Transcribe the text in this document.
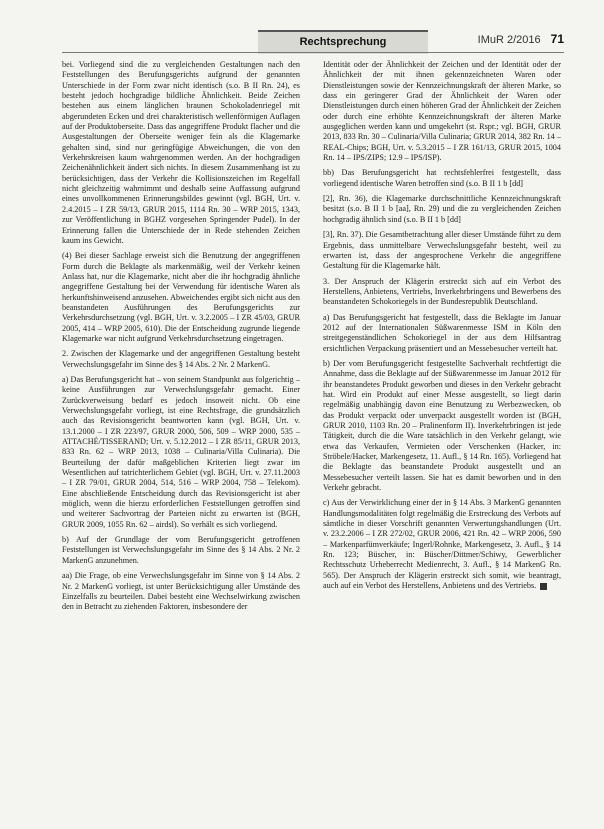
Rechtsprechung	IMuR 2/2016 71

bei. Vorliegend sind die zu vergleichenden Gestaltungen nach den Feststellungen des Berufungsgerichts aufgrund der genannten Unterschiede in der Form zwar nicht identisch (s.o. B II Rn. 24), es besteht jedoch hochgradige bildliche Ähnlichkeit. Beide Zeichen bestehen aus einem länglichen braunen Schokoladenriegel mit abgerundeten Ecken und drei charakteristisch wellenförmigen Auflagen auf der Produktoberseite. Dass das angegriffene Produkt flacher und die Ausgestaltungen der Oberseite weniger fein als die Klagemarke gehalten sind, sind nur geringfügige Abweichungen, die von den Verkehrskreisen kaum wahrgenommen werden. An der hochgradigen Zeichenähnlichkeit ändert sich nichts. In diesem Zusammenhang ist zu berücksichtigen, dass der Verkehr die Kollisionszeichen im Regelfall nicht gleichzeitig wahrnimmt und deshalb seine Auffassung aufgrund eines unvollkommenen Erinnerungsbildes gewinnt (vgl. BGH, Urt. v. 2.4.2015 – I ZR 59/13, GRUR 2015, 1114 Rn. 30 – WRP 2015, 1343, zur Veröffentlichung in BGHZ vorgesehen Springender Pudel). In der Erinnerung fallen die Unterschiede der in Rede stehenden Zeichen kaum ins Gewicht.

(4) Bei dieser Sachlage erweist sich die Benutzung der angegriffenen Form durch die Beklagte als markenmäßig, weil der Verkehr keinen Anlass hat, nur die Klagemarke, nicht aber die ihr hochgradig ähnliche angegriffene Gestaltung bei der Verwendung für identische Waren als herkunftshinweisend anzusehen. Abweichendes ergibt sich nicht aus den beanstandeten Ausführungen des Berufungsgerichts zur Verkehrsdurchsetzung (vgl. BGH, Urt. v. 3.2.2005 – I ZR 45/03, GRUR 2005, 414 – WRP 2005, 610). Die der Entscheidung zugrunde liegende Klagemarke war nicht aufgrund Verkehrsdurchsetzung eingetragen.

2. Zwischen der Klagemarke und der angegriffenen Gestaltung besteht Verwechslungsgefahr im Sinne des § 14 Abs. 2 Nr. 2 MarkenG.

a) Das Berufungsgericht hat – von seinem Standpunkt aus folgerichtig – keine Ausführungen zur Verwechslungsgefahr gemacht. Einer Zurückverweisung bedarf es jedoch insoweit nicht. Ob eine Verwechslungsgefahr vorliegt, ist eine Rechtsfrage, die grundsätzlich auch das Revisionsgericht beantworten kann (vgl. BGH, Urt. v. 13.1.2000 – I ZR 223/97, GRUR 2000, 506, 509 – WRP 2000, 535 – ATTACHÉ/TISSERAND; Urt. v. 5.12.2012 – I ZR 85/11, GRUR 2013, 833 Rn. 62 – WRP 2013, 1038 – Culinaria/Villa Culinaria). Die Beurteilung der dafür maßgeblichen Kriterien liegt zwar im Wesentlichen auf tatrichterlichem Gebiet (vgl. BGH, Urt. v. 27.11.2003 – I ZR 79/01, GRUR 2004, 514, 516 – WRP 2004, 758 – Telekom). Eine abschließende Entscheidung durch das Revisionsgericht ist aber möglich, wenn die hierzu erforderlichen Feststellungen getroffen sind und weiterer Sachvortrag der Parteien nicht zu erwarten ist (BGH, GRUR 2009, 1055 Rn. 62 – airdsl). So verhält es sich vorliegend.

b) Auf der Grundlage der vom Berufungsgericht getroffenen Feststellungen ist Verwechslungsgefahr im Sinne des § 14 Abs. 2 Nr. 2 MarkenG anzunehmen.

aa) Die Frage, ob eine Verwechslungsgefahr im Sinne von § 14 Abs. 2 Nr. 2 MarkenG vorliegt, ist unter Berücksichtigung aller Umstände des Einzelfalls zu beurteilen. Dabei besteht eine Wechselwirkung zwischen den in Betracht zu ziehenden Faktoren, insbesondere der

Identität oder der Ähnlichkeit der Zeichen und der Identität oder der Ähnlichkeit der mit ihnen gekennzeichneten Waren oder Dienstleistungen sowie der Kennzeichnungskraft der älteren Marke, so dass ein geringerer Grad der Ähnlichkeit der Waren oder Dienstleistungen durch einen höheren Grad der Ähnlichkeit der Zeichen oder durch eine erhöhte Kennzeichnungskraft der älteren Marke ausgeglichen werden kann und umgekehrt (st. Rspr.; vgl. BGH, GRUR 2013, 833 Rn. 30 – Culinaria/Villa Culinaria; GRUR 2014, 382 Rn. 14 – REAL-Chips; BGH, Urt. v. 5.3.2015 – I ZR 161/13, GRUR 2015, 1004 Rn. 14 – IPS/ZIPS; 12.9 – IPS/ISP).

bb) Das Berufungsgericht hat rechtsfehlerfrei festgestellt, dass vorliegend identische Waren betroffen sind (s.o. B II 1 b [dd]

[2], Rn. 36), die Klagemarke durchschnittliche Kennzeichnungskraft besitzt (s.o. B II 1 b [aa], Rn. 29) und die zu vergleichenden Zeichen hochgradig ähnlich sind (s.o. B II 1 b [dd]

[3], Rn. 37). Die Gesamtbetrachtung aller dieser Umstände führt zu dem Ergebnis, dass unmittelbare Verwechslungsgefahr besteht, weil zu erwarten ist, dass der angesprochene Verkehr die angegriffene Gestaltung für die Klagemarke hält.

3. Der Anspruch der Klägerin erstreckt sich auf ein Verbot des Herstellens, Anbietens, Vertriebs, Inverkehrbringens und Bewerbens des beanstandeten Schokoriegels in der Bundesrepublik Deutschland.

a) Das Berufungsgericht hat festgestellt, dass die Beklagte im Januar 2012 auf der Internationalen Süßwarenmesse ISM in Köln den streitgegenständlichen Schokoriegel in der aus dem Hilfsantrag ersichtlichen Verpackung präsentiert und an Messebesucher verteilt hat.

b) Der vom Berufungsgericht festgestellte Sachverhalt rechtfertigt die Annahme, dass die Beklagte auf der Süßwarenmesse im Januar 2012 für ihr beanstandetes Produkt geworben und dieses in den Verkehr gebracht hat. Wird ein Produkt auf einer Messe ausgestellt, so liegt darin regelmäßig unabhängig davon eine Benutzung zu Werbezwecken, ob das Produkt verpackt oder unverpackt ausgestellt worden ist (BGH, GRUR 2010, 1103 Rn. 20 – Pralinenform II). Inverkehrbringen ist jede Tätigkeit, durch die die Ware tatsächlich in den Verkehr gelangt, wie etwa das Verkaufen, Vermieten oder Verschenken (Hacker, in: Ströbele/Hacker, Markengesetz, 11. Aufl., § 14 Rn. 165). Vorliegend hat die Beklagte das beanstandete Produkt ausgestellt und an Messebesucher verteilt lassen. Sie hat es damit beworben und in den Verkehr gebracht.

c) Aus der Verwirklichung einer der in § 14 Abs. 3 MarkenG genannten Handlungsmodalitäten folgt regelmäßig die Erstreckung des Verbots auf sämtliche in dieser Vorschrift genannten Verwertungshandlungen (Urt. v. 23.2.2006 – I ZR 272/02, GRUR 2006, 421 Rn. 42 – WRP 2006, 590 – Markenparfümverkäufe; Ingerl/Rohnke, Markengesetz, 3. Aufl., § 14 Rn. 123; Büscher, in: Büscher/Dittmer/Schiwy, Gewerblicher Rechtsschutz Urheberrecht Medienrecht, 3. Aufl., § 14 MarkenG Rn. 565). Der Anspruch der Klägerin erstreckt sich somit, wie beantragt, auch auf ein Verbot des Herstellens, Anbietens und des Vertriebs.
